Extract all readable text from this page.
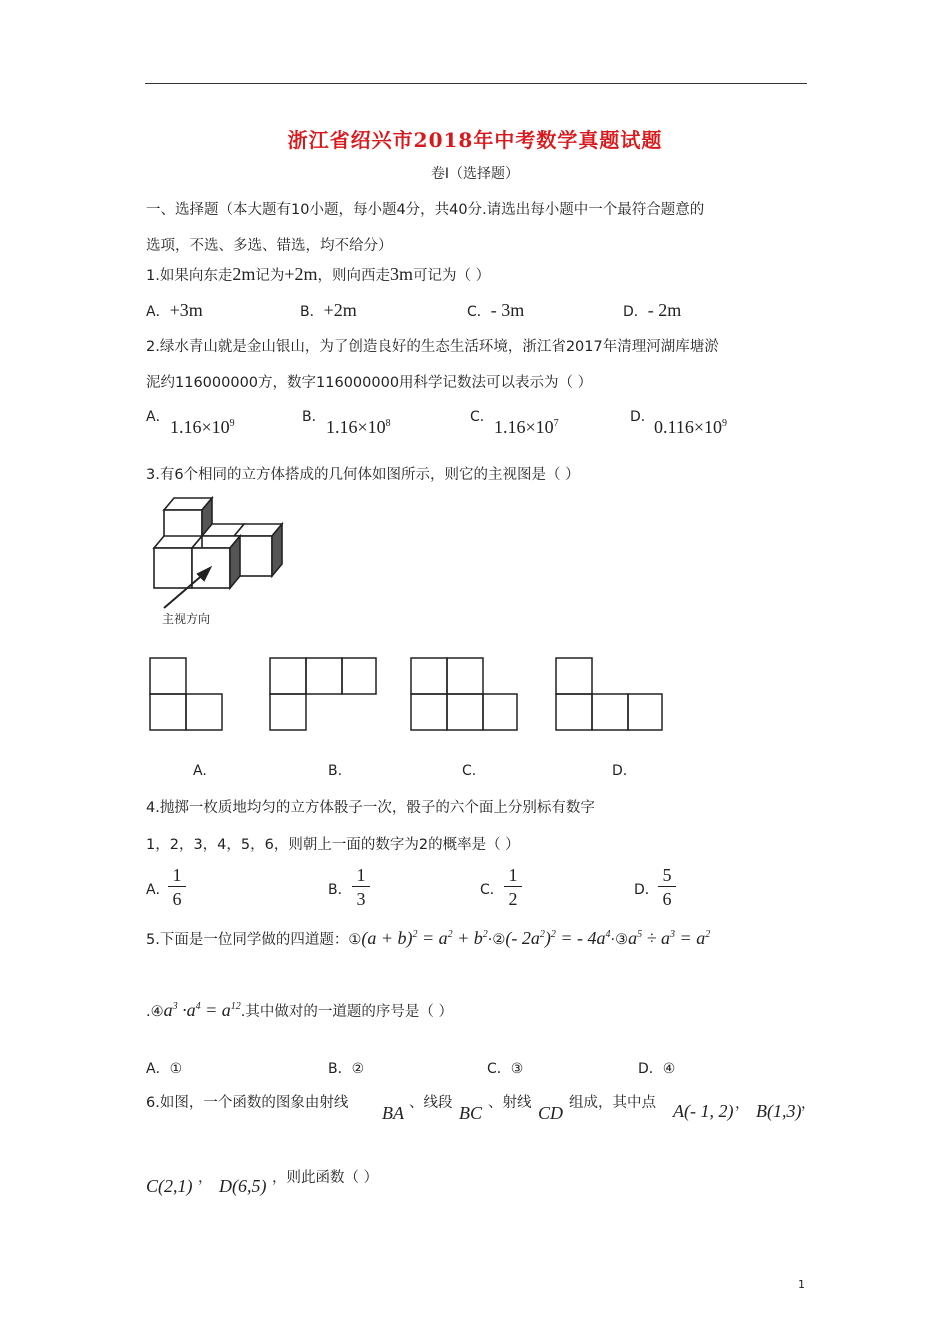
浙江省绍兴市2018年中考数学真题试题
卷Ⅰ（选择题）
一、选择题（本大题有10小题，每小题4分，共40分.请选出每小题中一个最符合题意的
选项，不选、多选、错选，均不给分）
1.如果向东走2m记为+2m，则向西走3m可记为（ ）
A．+3m	B．+2m	C．- 3m	D．- 2m
2.绿水青山就是金山银山，为了创造良好的生态生活环境，浙江省2017年清理河湖库塘淤
泥约116000000方，数字116000000用科学记数法可以表示为（ ）
A． $1.16\times 10^9$	B． $1.16\times 10^8$	C． $1.16\times 10^7$	D． $0.116\times 10^9$
3.有6个相同的立方体搭成的几何体如图所示，则它的主视图是（ ）
主视方向
A.	B.	C.	D.
4.抛掷一枚质地均匀的立方体骰子一次，骰子的六个面上分别标有数字
1，2，3，4，5，6，则朝上一面的数字为2的概率是（ ）
A．
$\frac{1}{6}$	B． $\frac{1}{3}$	C． $\frac{1}{2}$	D． $\frac{5}{6}$
5.下面是一位同学做的四道题：①(a + $b)^2 = a^2$ + $b^2\cdot ②(-$ $2a^2)^2$ = - $4a^4\cdot ③a^5 \div a^3 = a^2$
$.④a^3 \cdot a^4 = a^{12}$.其中做对的一道题的序号是（ ）
A．①	B．②	C．③	D．④
6.如图，一个函数的图象由射线 BA 、线段 BC 、射线 CD 组成，其中点 A(- 1, 2) ， B(1,3) ，
C(2,1) ， D(6,5) ，则此函数（ ）
1
